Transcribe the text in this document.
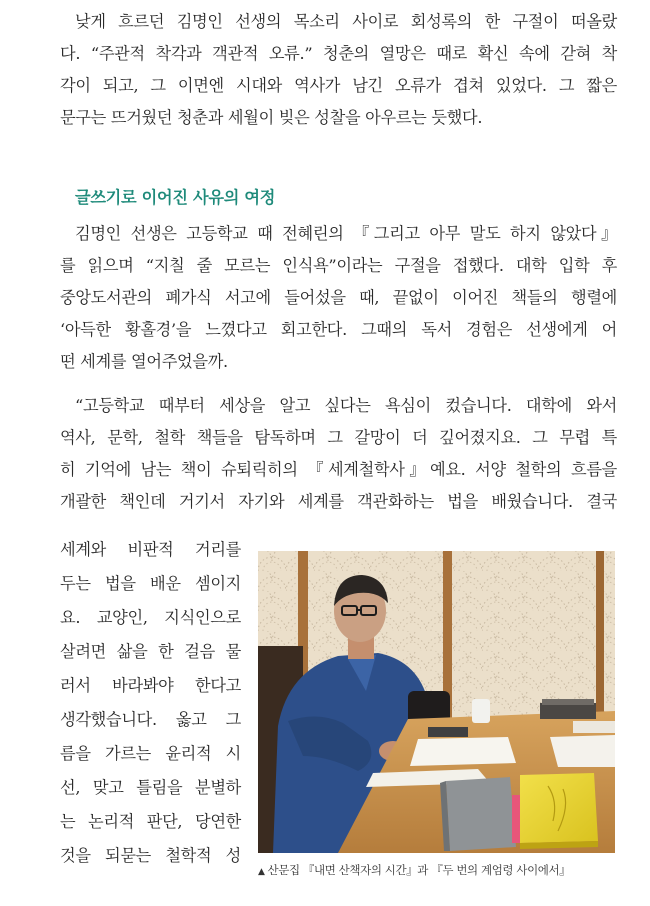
낮게 흐르던 김명인 선생의 목소리 사이로 회성록의 한 구절이 떠올랐
다. “주관적 착각과 객관적 오류.” 청춘의 열망은 때로 확신 속에 갇혀 착
각이 되고, 그 이면엔 시대와 역사가 남긴 오류가 겹쳐 있었다. 그 짧은
문구는 뜨거웠던 청춘과 세월이 빚은 성찰을 아우르는 듯했다.
글쓰기로 이어진 사유의 여정
김명인 선생은 고등학교 때 전혜린의 『그리고 아무 말도 하지 않았다』
를 읽으며 “지칠 줄 모르는 인식욕”이라는 구절을 접했다. 대학 입학 후
중앙도서관의 폐가식 서고에 들어섰을 때, 끝없이 이어진 책들의 행렬에
‘아득한 황홀경’을 느꼈다고 회고한다. 그때의 독서 경험은 선생에게 어
떤 세계를 열어주었을까.
“고등학교 때부터 세상을 알고 싶다는 욕심이 컸습니다. 대학에 와서
역사, 문학, 철학 책들을 탐독하며 그 갈망이 더 깊어졌지요. 그 무렵 특
히 기억에 남는 책이 슈퇴릭히의 『세계철학사』예요. 서양 철학의 흐름을
개괄한 책인데 거기서 자기와 세계를 객관화하는 법을 배웠습니다. 결국
세계와 비판적 거리를
두는 법을 배운 셈이지
요. 교양인, 지식인으로
살려면 삶을 한 걸음 물
러서 바라봐야 한다고
생각했습니다. 옳고 그
름을 가르는 윤리적 시
선, 맞고 틀림을 분별하
는 논리적 판단, 당연한
것을 되묻는 철학적 성
▲ 산문집 『내면 산책자의 시간』과 『두 번의 계엄령 사이에서』
